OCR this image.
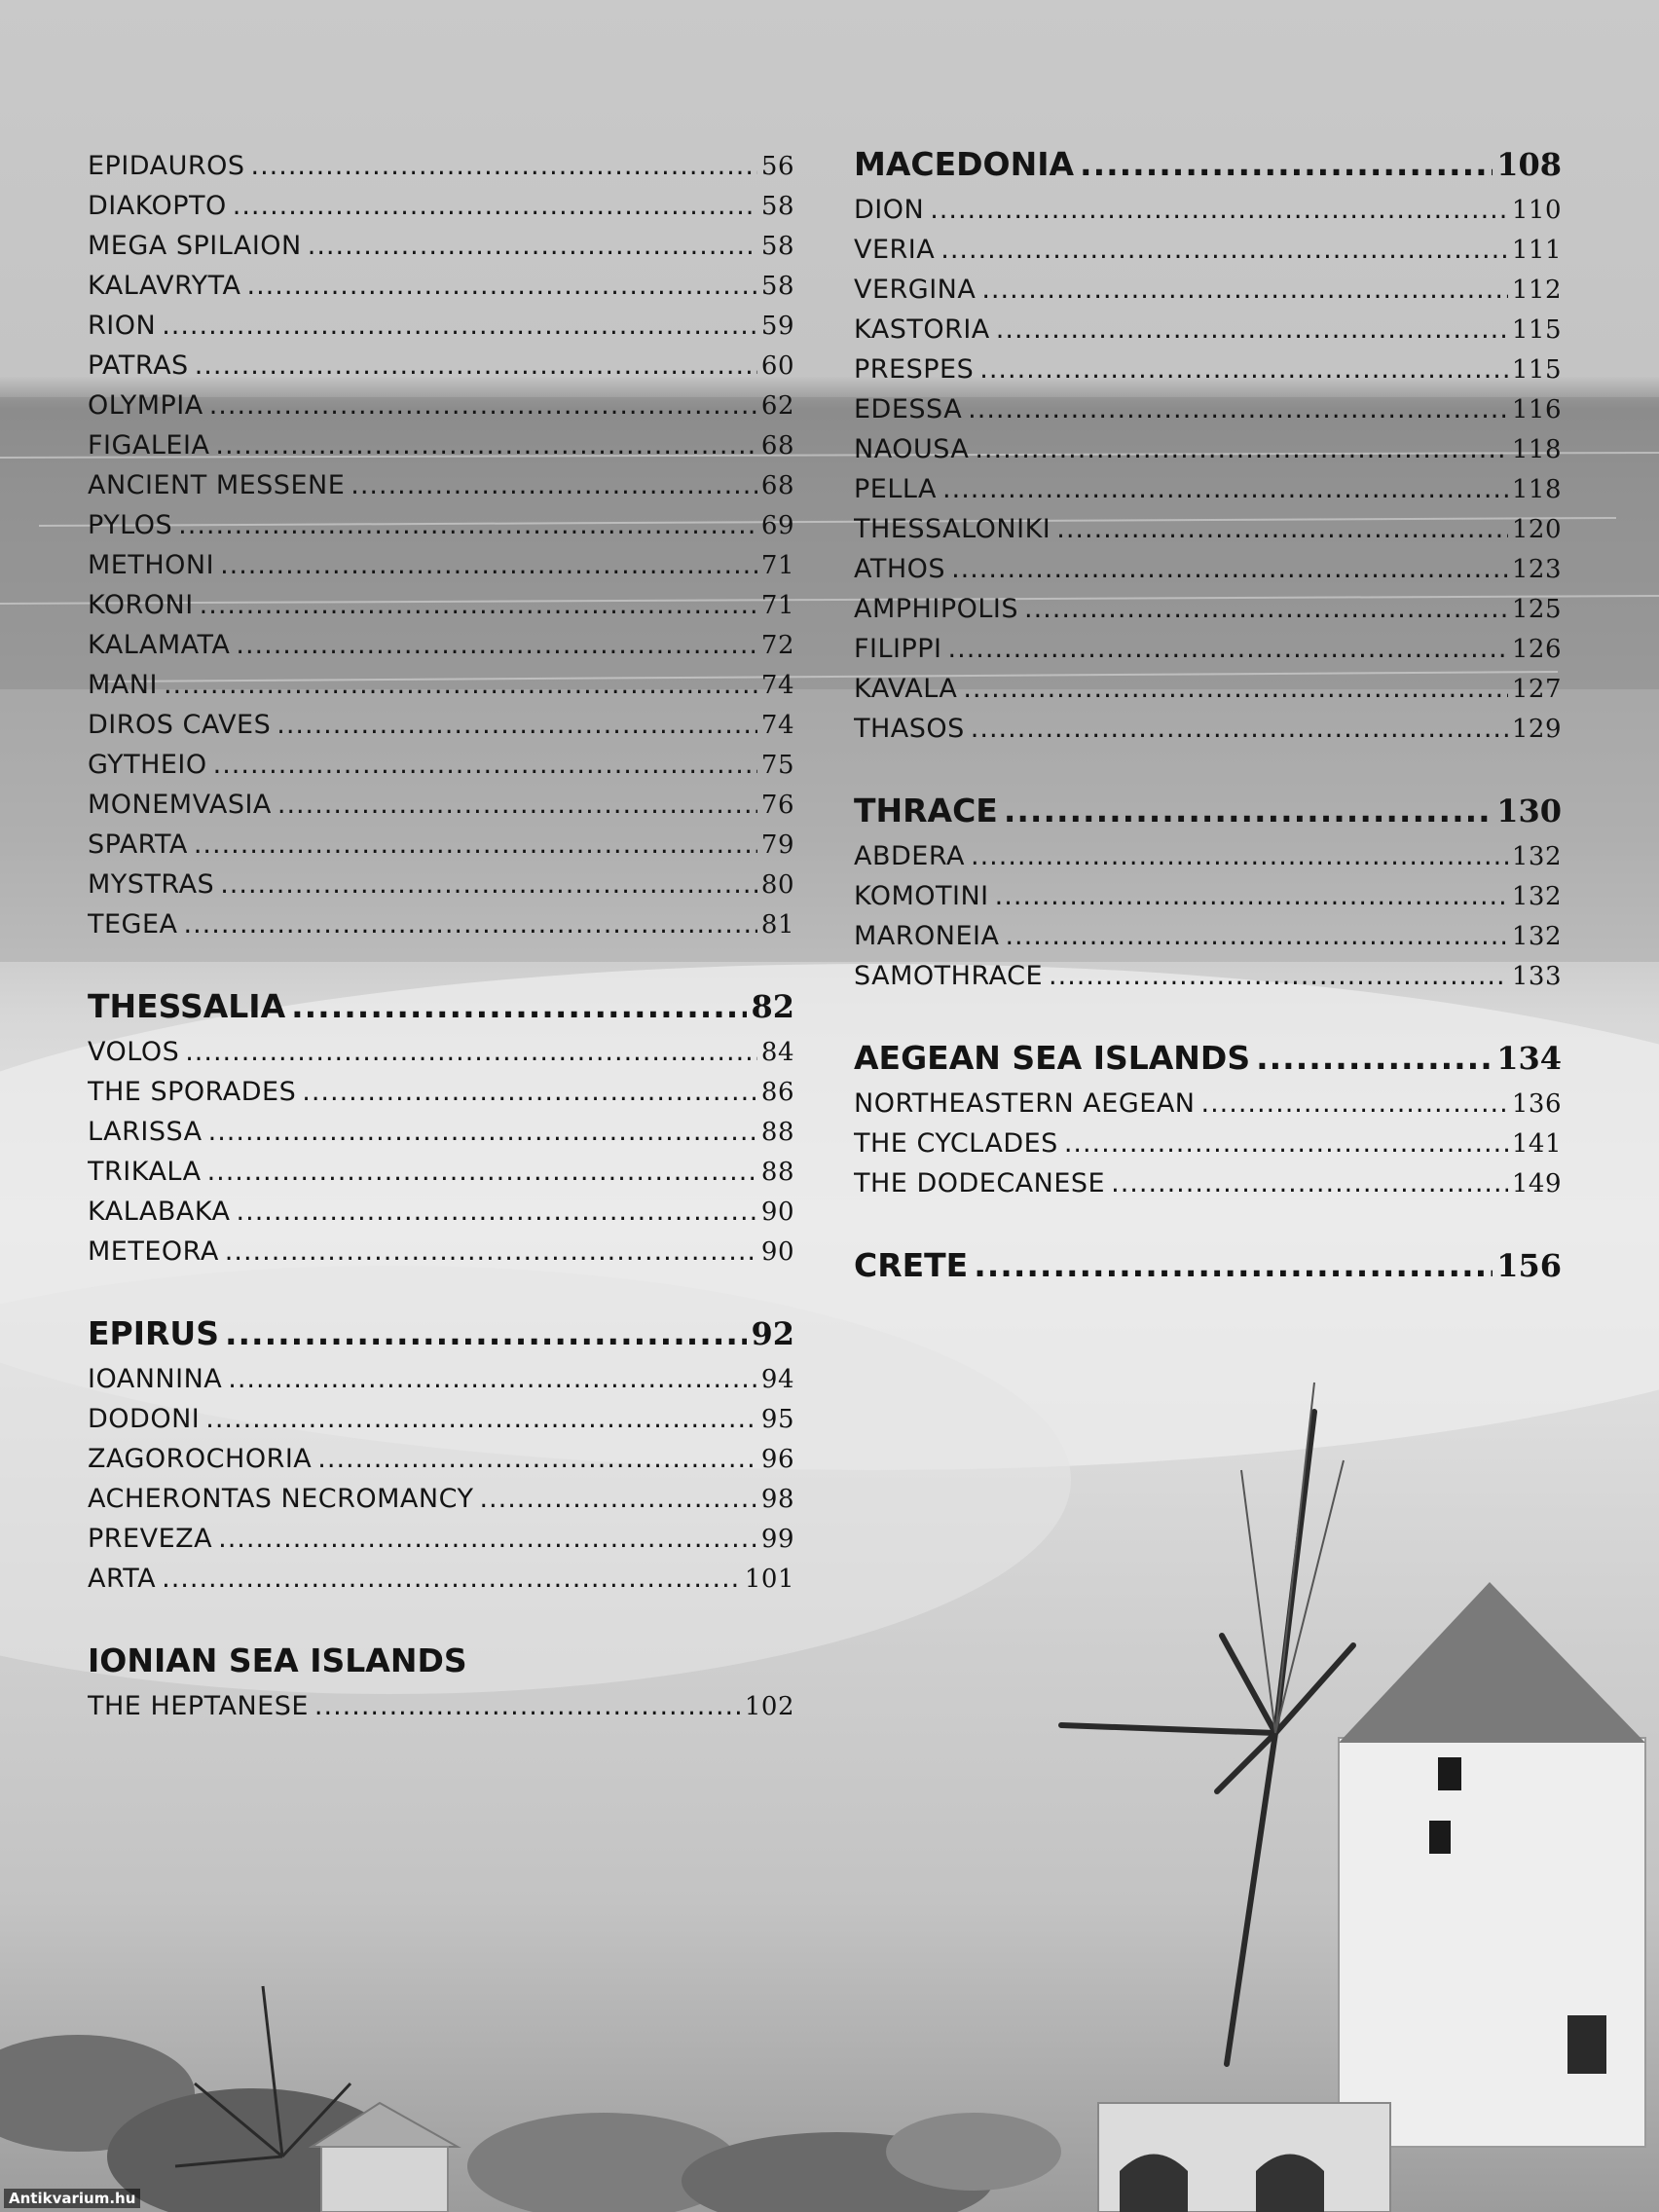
EPIDAUROS .....	56
DIAKOPTO .....	58
MEGA SPILAION .....	58
KALAVRYTA .....	58
RION .....	59
PATRAS .....	60
OLYMPIA .....	62
FIGALEIA .....	68
ANCIENT MESSENE .....	68
PYLOS .....	69
METHONI .....	71
KORONI .....	71
KALAMATA .....	72
MANI .....	74
DIROS CAVES .....	74
GYTHEIO .....	75
MONEMVASIA .....	76
SPARTA .....	79
MYSTRAS .....	80
TEGEA .....	81
THESSALIA .....	82
VOLOS .....	84
THE SPORADES .....	86
LARISSA .....	88
TRIKALA .....	88
KALABAKA .....	90
METEORA .....	90
EPIRUS .....	92
IOANNINA .....	94
DODONI .....	95
ZAGOROCHORIA .....	96
ACHERONTAS NECROMANCY .....	98
PREVEZA .....	99
ARTA .....	101
IONIAN SEA ISLANDS
THE HEPTANESE .....	102
MACEDONIA .....	108
DION .....	110
VERIA .....	111
VERGINA .....	112
KASTORIA .....	115
PRESPES .....	115
EDESSA .....	116
NAOUSA .....	118
PELLA .....	118
THESSALONIKI .....	120
ATHOS .....	123
AMPHIPOLIS .....	125
FILIPPI .....	126
KAVALA .....	127
THASOS .....	129
THRACE .....	130
ABDERA .....	132
KOMOTINI .....	132
MARONEIA .....	132
SAMOTHRACE .....	133
AEGEAN SEA ISLANDS .....	134
NORTHEASTERN AEGEAN .....	136
THE CYCLADES .....	141
THE DODECANESE .....	149
CRETE .....	156
Antikvarium.hu
